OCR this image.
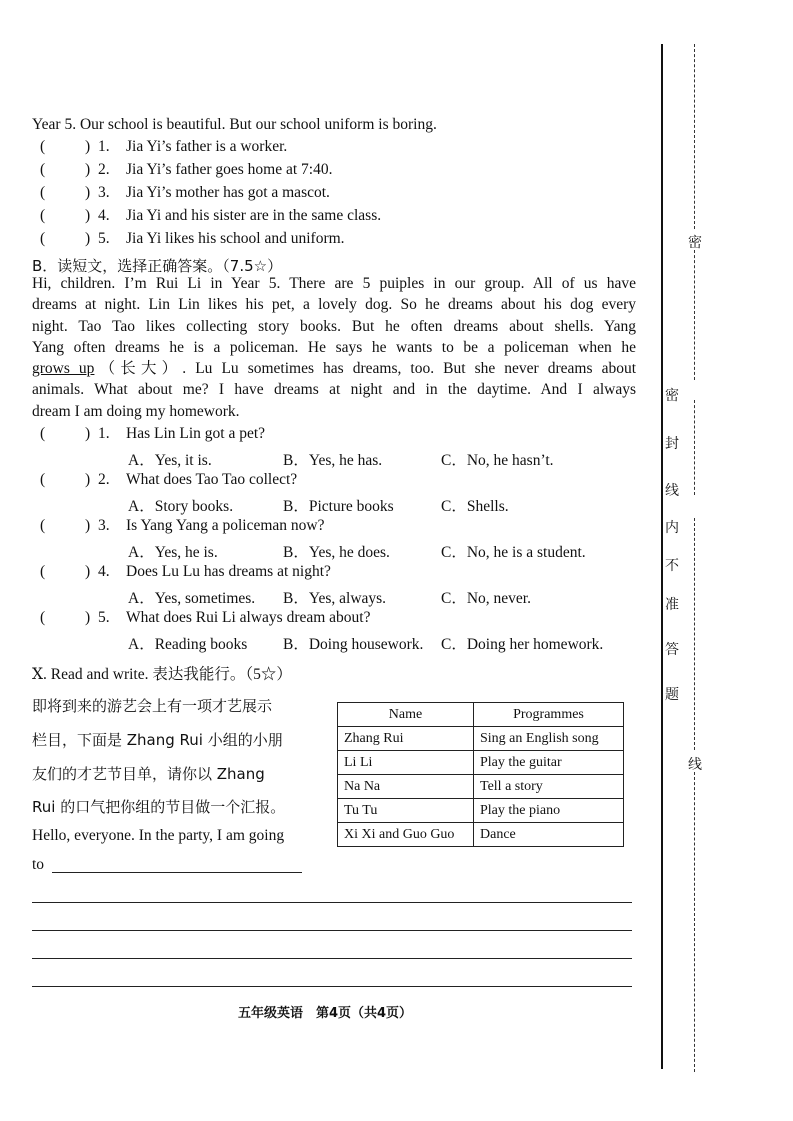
Year 5. Our school is beautiful. But our school uniform is boring.
(	) 1. Jia Yi’s father is a worker.
(	) 2. Jia Yi’s father goes home at 7:40.
(	) 3. Jia Yi’s mother has got a mascot.
(	) 4. Jia Yi and his sister are in the same class.
(	) 5. Jia Yi likes his school and uniform.
B．读短文，选择正确答案。（7.5☆）
Hi, children. I’m Rui Li in Year 5. There are 5 puiples in our group. All of us have
dreams at night. Lin Lin likes his pet, a lovely dog. So he dreams about his dog every
night. Tao Tao likes collecting story books. But he often dreams about shells. Yang
Yang often dreams he is a policeman. He says he wants to be a policeman when he
grows up（长大）. Lu Lu sometimes has dreams, too. But she never dreams about
animals. What about me? I have dreams at night and in the daytime. And I always
dream I am doing my homework.
(	) 1. Has Lin Lin got a pet?
A．Yes, it is.	B．Yes, he has.	C．No, he hasn’t.
(	) 2. What does Tao Tao collect?
A．Story books.	B．Picture books	C．Shells.
(	) 3. Is Yang Yang a policeman now?
A．Yes, he is.	B．Yes, he does.	C．No, he is a student.
(	) 4. Does Lu Lu has dreams at night?
A．Yes, sometimes. B．Yes, always.	C．No, never.
(	) 5. What does Rui Li always dream about?
A．Reading books B．Doing housework. C．Doing her homework.
Ⅹ. Read and write. 表达我能行。（5☆）
即将到来的游艺会上有一项才艺展示
栏目，下面是 Zhang Rui 小组的小朋
友们的才艺节目单，请你以 Zhang
Rui 的口气把你组的节目做一个汇报。
Hello, everyone. In the party, I am going
to
Name	Programmes
Zhang Rui	Sing an English song
Li Li	Play the guitar
Na Na	Tell a story
Tu Tu	Play the piano
Xi Xi and Guo Guo	Dance
五年级英语　第4页（共4页）
密
密
封
线
内
不
准
答
题
线
